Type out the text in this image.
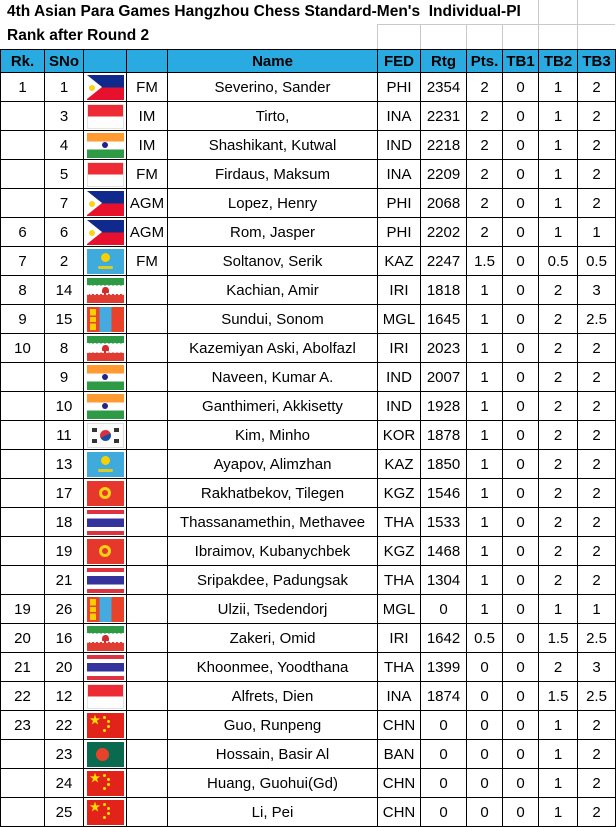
4th Asian Para Games Hangzhou Chess Standard-Men's  Individual-PI
Rank after Round 2
Rk.	SNo			Name	FED	Rtg	Pts.	TB1	TB2	TB3
1	1		FM	Severino, Sander	PHI	2354	2	0	1	2
	3		IM	Tirto,	INA	2231	2	0	1	2
	4		IM	Shashikant, Kutwal	IND	2218	2	0	1	2
	5		FM	Firdaus, Maksum	INA	2209	2	0	1	2
	7		AGM	Lopez, Henry	PHI	2068	2	0	1	2
6	6		AGM	Rom, Jasper	PHI	2202	2	0	1	1
7	2		FM	Soltanov, Serik	KAZ	2247	1.5	0	0.5	0.5
8	14			Kachian, Amir	IRI	1818	1	0	2	3
9	15			Sundui, Sonom	MGL	1645	1	0	2	2.5
10	8			Kazemiyan Aski, Abolfazl	IRI	2023	1	0	2	2
	9			Naveen, Kumar A.	IND	2007	1	0	2	2
	10			Ganthimeri, Akkisetty	IND	1928	1	0	2	2
	11			Kim, Minho	KOR	1878	1	0	2	2
	13			Ayapov, Alimzhan	KAZ	1850	1	0	2	2
	17			Rakhatbekov, Tilegen	KGZ	1546	1	0	2	2
	18			Thassanamethin, Methavee	THA	1533	1	0	2	2
	19			Ibraimov, Kubanychbek	KGZ	1468	1	0	2	2
	21			Sripakdee, Padungsak	THA	1304	1	0	2	2
19	26			Ulzii, Tsedendorj	MGL	0	1	0	1	1
20	16			Zakeri, Omid	IRI	1642	0.5	0	1.5	2.5
21	20			Khoonmee, Yoodthana	THA	1399	0	0	2	3
22	12			Alfrets, Dien	INA	1874	0	0	1.5	2.5
23	22			Guo, Runpeng	CHN	0	0	0	1	2
	23			Hossain, Basir Al	BAN	0	0	0	1	2
	24			Huang, Guohui(Gd)	CHN	0	0	0	1	2
	25			Li, Pei	CHN	0	0	0	1	2
